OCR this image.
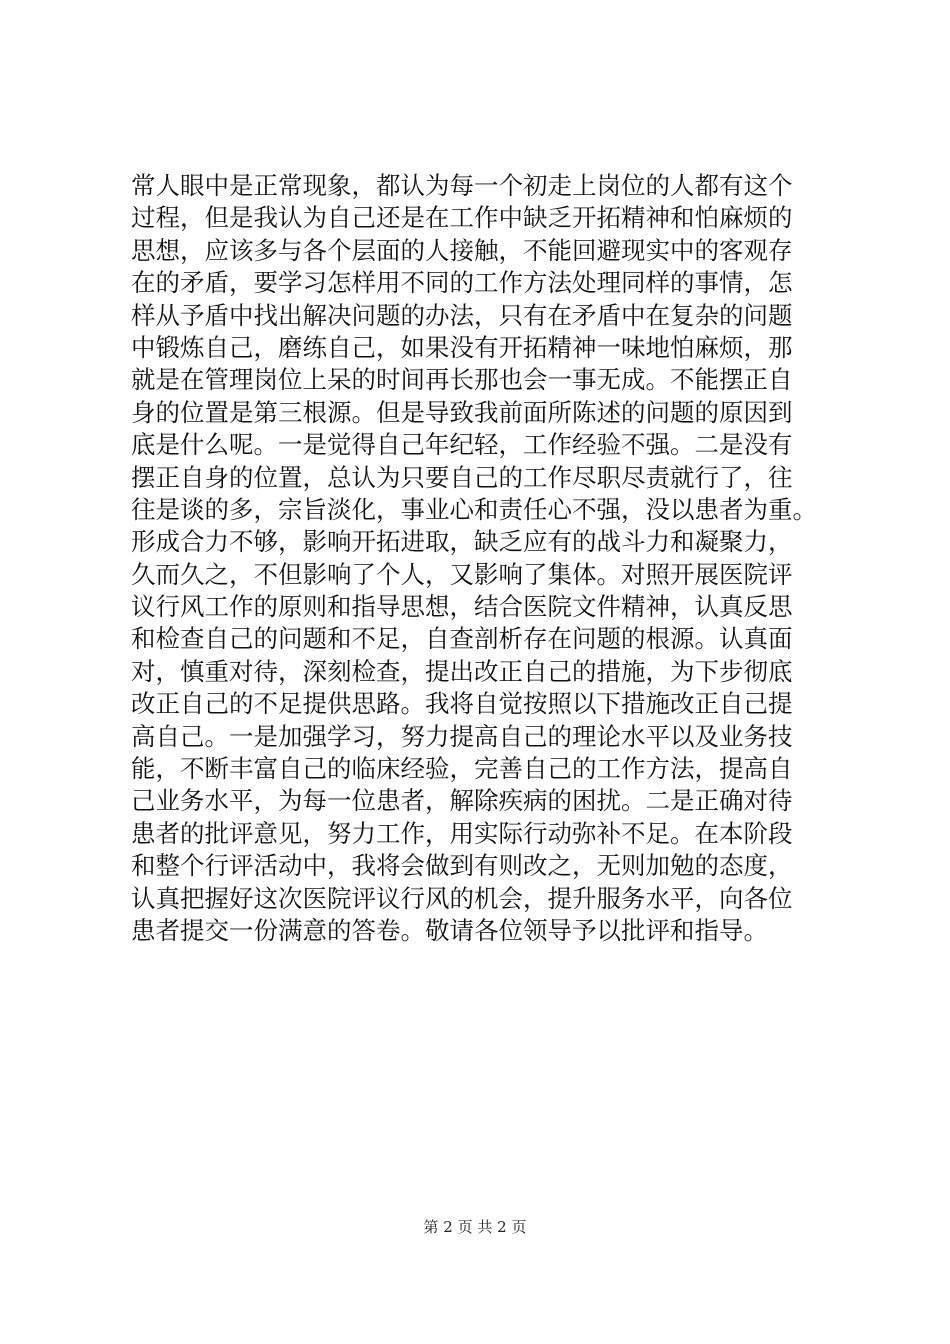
常人眼中是正常现象，都认为每一个初走上岗位的人都有这个
过程，但是我认为自己还是在工作中缺乏开拓精神和怕麻烦的
思想，应该多与各个层面的人接触，不能回避现实中的客观存
在的矛盾，要学习怎样用不同的工作方法处理同样的事情，怎
样从予盾中找出解决问题的办法，只有在矛盾中在复杂的问题
中锻炼自己，磨练自己，如果没有开拓精神一味地怕麻烦，那
就是在管理岗位上呆的时间再长那也会一事无成。不能摆正自
身的位置是第三根源。但是导致我前面所陈述的问题的原因到
底是什么呢。一是觉得自己年纪轻，工作经验不强。二是没有
摆正自身的位置，总认为只要自己的工作尽职尽责就行了，往
往是谈的多，宗旨淡化，事业心和责任心不强，没以患者为重。
形成合力不够，影响开拓进取，缺乏应有的战斗力和凝聚力，
久而久之，不但影响了个人，又影响了集体。对照开展医院评
议行风工作的原则和指导思想，结合医院文件精神，认真反思
和检查自己的问题和不足，自查剖析存在问题的根源。认真面
对，慎重对待，深刻检查，提出改正自己的措施，为下步彻底
改正自己的不足提供思路。我将自觉按照以下措施改正自己提
高自己。一是加强学习，努力提高自己的理论水平以及业务技
能，不断丰富自己的临床经验，完善自己的工作方法，提高自
己业务水平，为每一位患者，解除疾病的困扰。二是正确对待
患者的批评意见，努力工作，用实际行动弥补不足。在本阶段
和整个行评活动中，我将会做到有则改之，无则加勉的态度，
认真把握好这次医院评议行风的机会，提升服务水平，向各位
患者提交一份满意的答卷。敬请各位领导予以批评和指导。
第 2 页 共 2 页
